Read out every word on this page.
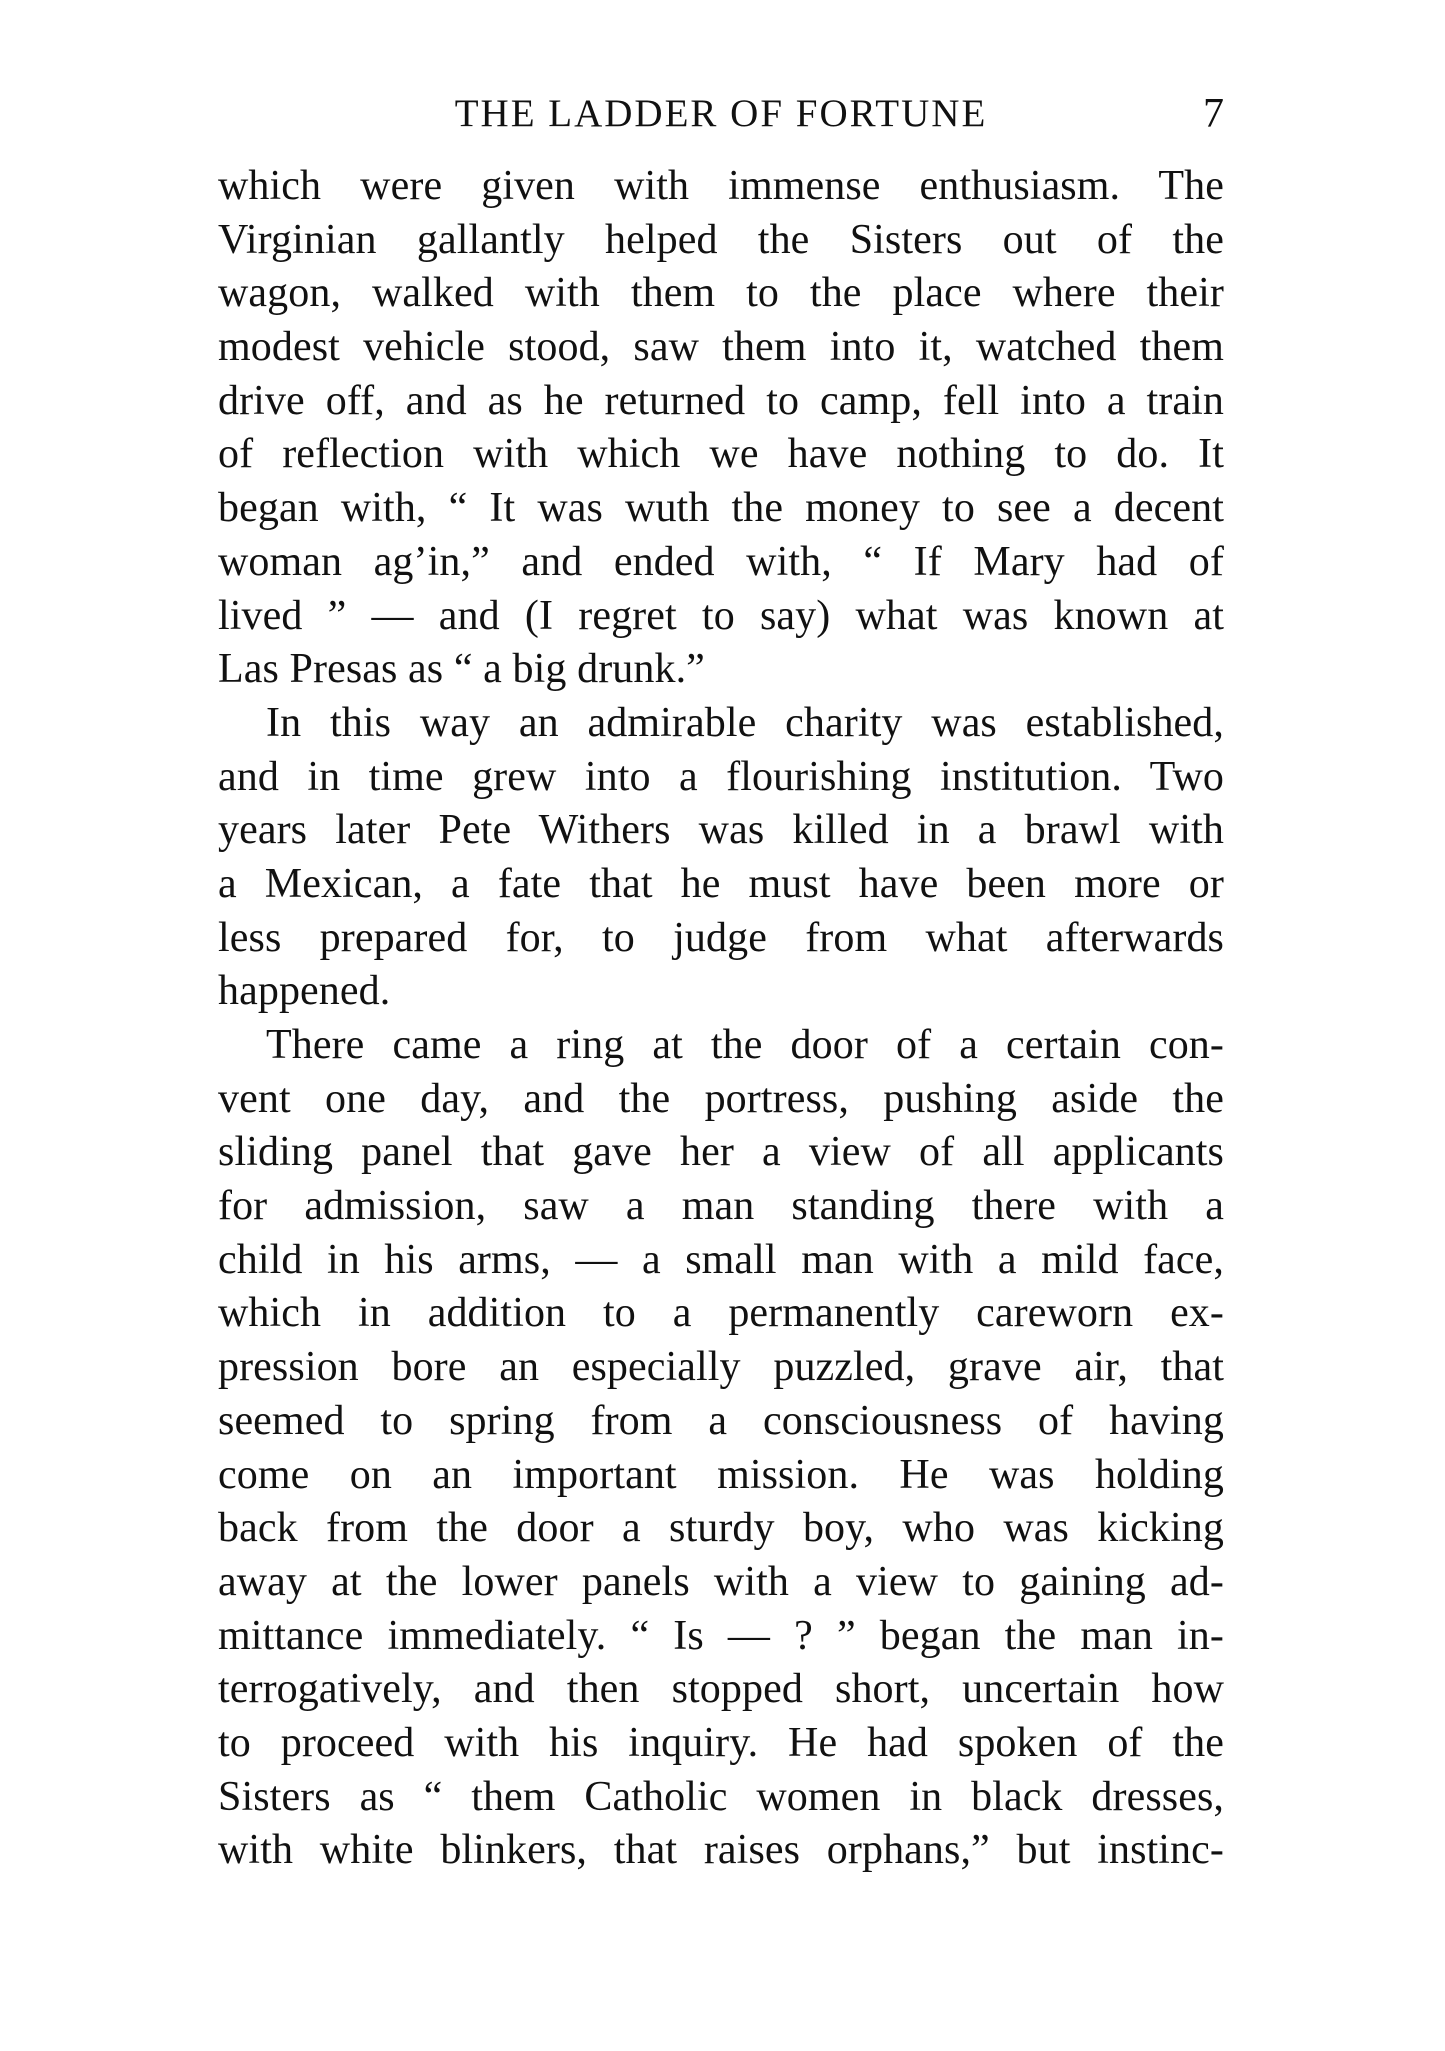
THE LADDER OF FORTUNE	7
which were given with immense enthusiasm. The
Virginian gallantly helped the Sisters out of the
wagon, walked with them to the place where their
modest vehicle stood, saw them into it, watched them
drive off, and as he returned to camp, fell into a train
of reflection with which we have nothing to do. It
began with, “ It was wuth the money to see a decent
woman ag’in,” and ended with, “ If Mary had of
lived ” — and (I regret to say) what was known at
Las Presas as “ a big drunk.”
In this way an admirable charity was established,
and in time grew into a flourishing institution. Two
years later Pete Withers was killed in a brawl with
a Mexican, a fate that he must have been more or
less prepared for, to judge from what afterwards
happened.
There came a ring at the door of a certain con-
vent one day, and the portress, pushing aside the
sliding panel that gave her a view of all applicants
for admission, saw a man standing there with a
child in his arms, — a small man with a mild face,
which in addition to a permanently careworn ex-
pression bore an especially puzzled, grave air, that
seemed to spring from a consciousness of having
come on an important mission. He was holding
back from the door a sturdy boy, who was kicking
away at the lower panels with a view to gaining ad-
mittance immediately. “ Is — ? ” began the man in-
terrogatively, and then stopped short, uncertain how
to proceed with his inquiry. He had spoken of the
Sisters as “ them Catholic women in black dresses,
with white blinkers, that raises orphans,” but instinc-
